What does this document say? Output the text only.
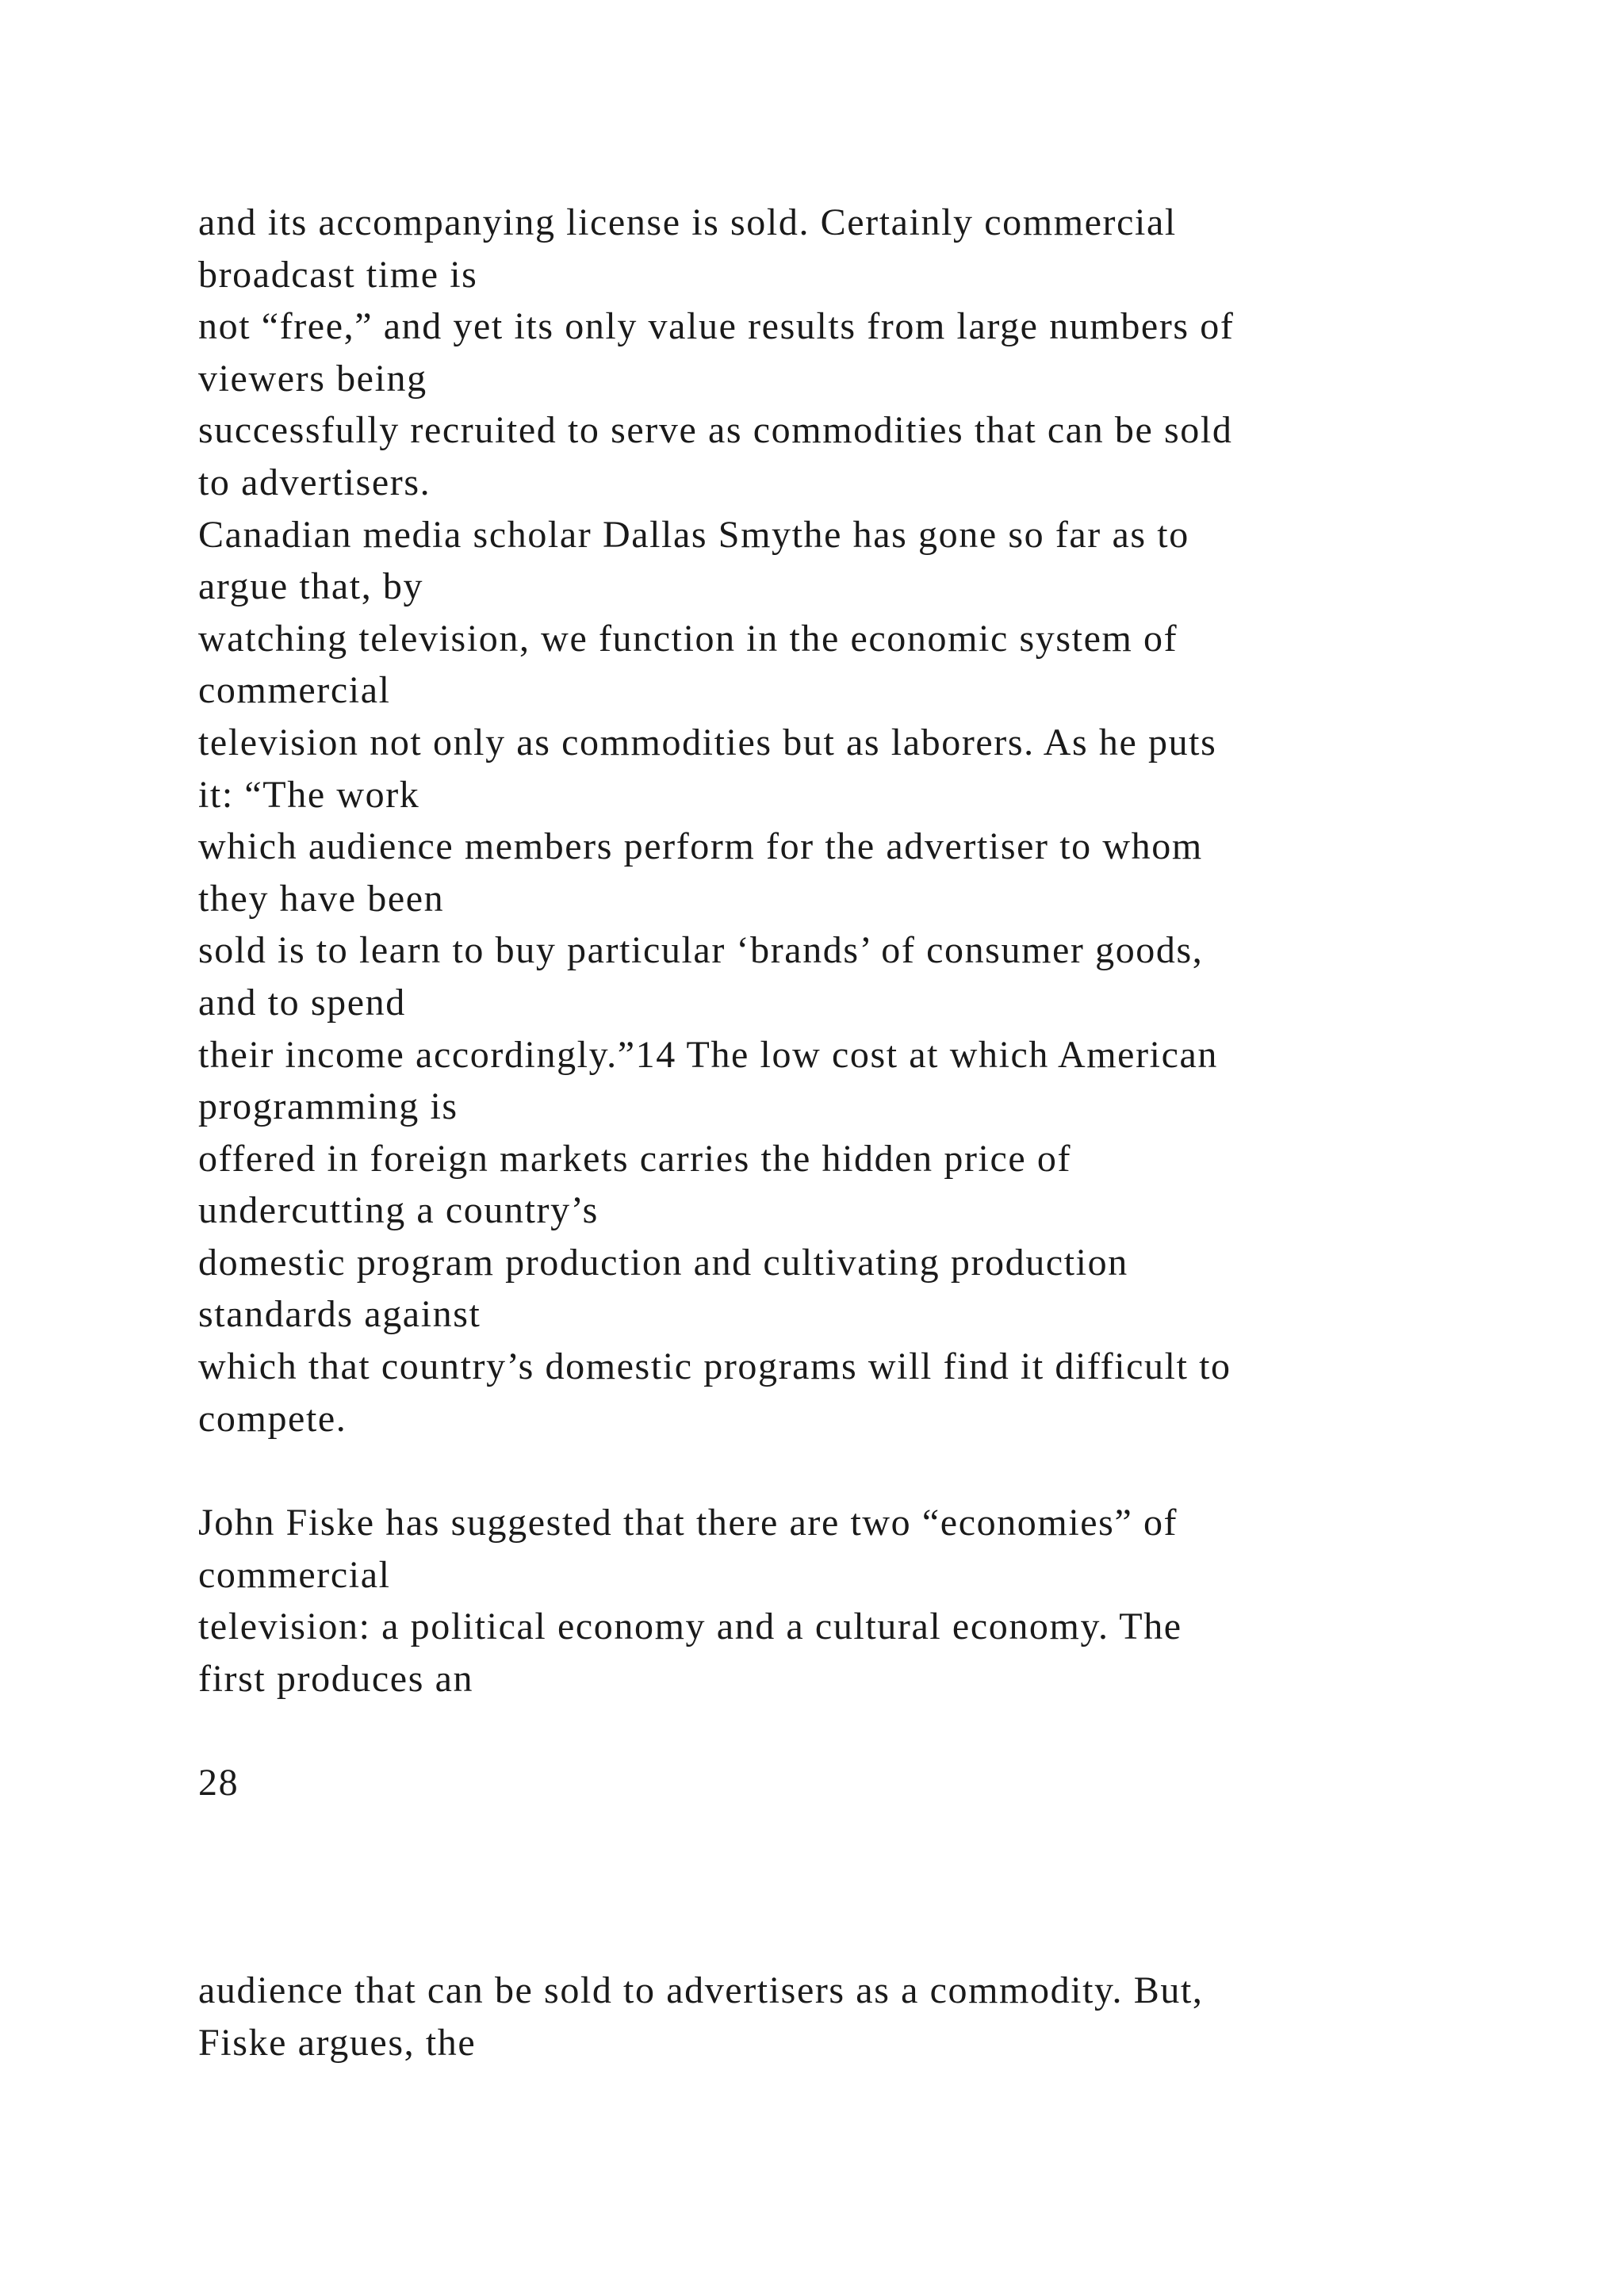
and its accompanying license is sold. Certainly commercial
broadcast time is
not “free,” and yet its only value results from large numbers of
viewers being
successfully recruited to serve as commodities that can be sold
to advertisers.
Canadian media scholar Dallas Smythe has gone so far as to
argue that, by
watching television, we function in the economic system of
commercial
television not only as commodities but as laborers. As he puts
it: “The work
which audience members perform for the advertiser to whom
they have been
sold is to learn to buy particular ‘brands’ of consumer goods,
and to spend
their income accordingly.”14 The low cost at which American
programming is
offered in foreign markets carries the hidden price of
undercutting a country’s
domestic program production and cultivating production
standards against
which that country’s domestic programs will find it difficult to
compete.
John Fiske has suggested that there are two “economies” of
commercial
television: a political economy and a cultural economy. The
first produces an
28
audience that can be sold to advertisers as a commodity. But,
Fiske argues, the
